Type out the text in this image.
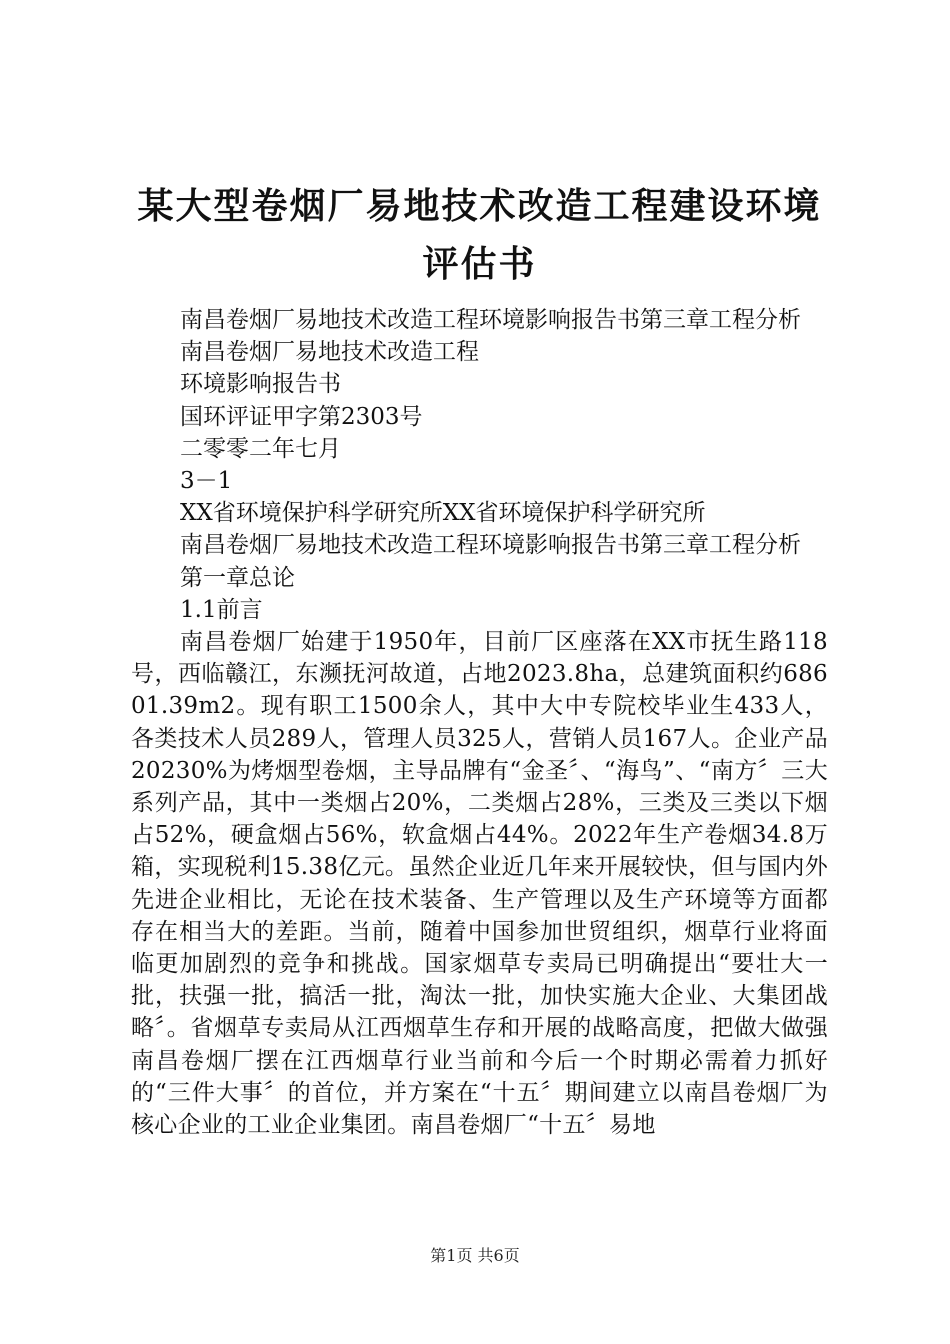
某大型卷烟厂易地技术改造工程建设环境评估书

南昌卷烟厂易地技术改造工程环境影响报告书第三章工程分析

南昌卷烟厂易地技术改造工程

环境影响报告书

国环评证甲字第2303号

二零零二年七月

3－1

XX省环境保护科学研究所XX省环境保护科学研究所

南昌卷烟厂易地技术改造工程环境影响报告书第三章工程分析

第一章总论

1.1前言

南昌卷烟厂始建于1950年，目前厂区座落在XX市抚生路118号，西临赣江，东濒抚河故道，占地2023.8ha，总建筑面积约68601.39m2。现有职工1500余人，其中大中专院校毕业生433人，各类技术人员289人，管理人员325人，营销人员167人。企业产品20230%为烤烟型卷烟，主导品牌有“金圣〞、“海鸟”、“南方〞三大系列产品，其中一类烟占20%，二类烟占28%，三类及三类以下烟占52%，硬盒烟占56%，软盒烟占44%。2022年生产卷烟34.8万箱，实现税利15.38亿元。虽然企业近几年来开展较快，但与国内外先进企业相比，无论在技术装备、生产管理以及生产环境等方面都存在相当大的差距。当前，随着中国参加世贸组织，烟草行业将面临更加剧烈的竞争和挑战。国家烟草专卖局已明确提出“要壮大一批，扶强一批，搞活一批，淘汰一批，加快实施大企业、大集团战略〞。省烟草专卖局从江西烟草生存和开展的战略高度，把做大做强南昌卷烟厂摆在江西烟草行业当前和今后一个时期必需着力抓好的“三件大事〞的首位，并方案在“十五〞期间建立以南昌卷烟厂为核心企业的工业企业集团。南昌卷烟厂“十五〞易地

第1页 共6页
